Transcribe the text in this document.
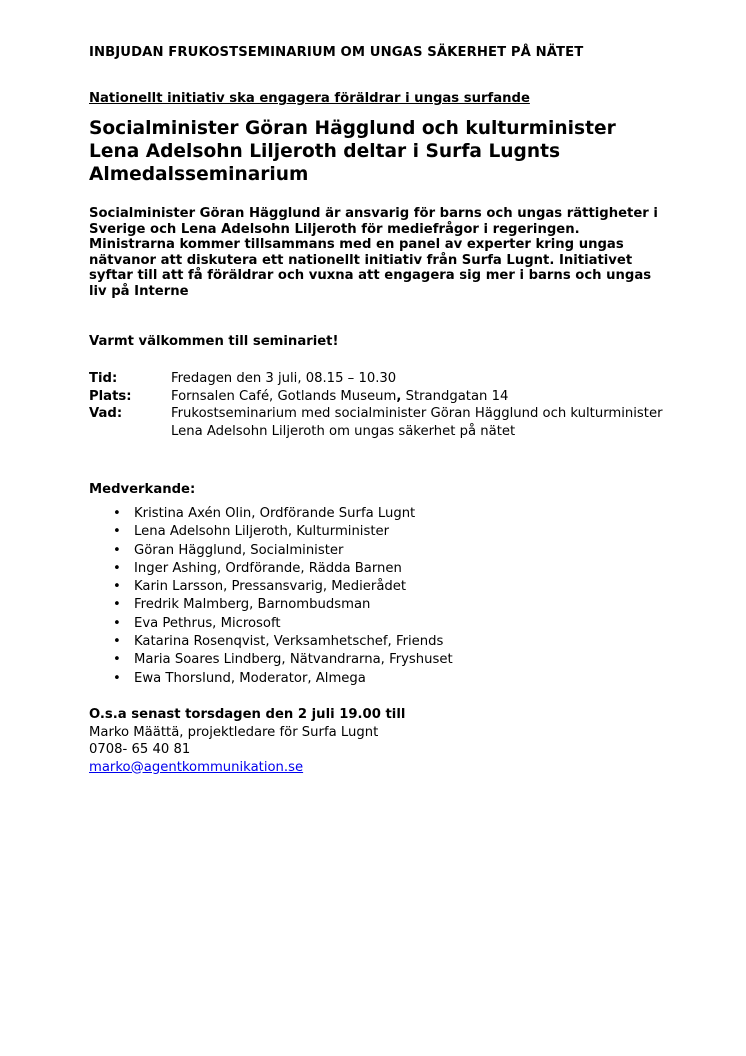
INBJUDAN FRUKOSTSEMINARIUM OM UNGAS SÄKERHET PÅ NÄTET
Nationellt initiativ ska engagera föräldrar i ungas surfande
Socialminister Göran Hägglund och kulturminister Lena Adelsohn Liljeroth deltar i Surfa Lugnts Almedalsseminarium
Socialminister Göran Hägglund är ansvarig för barns och ungas rättigheter i Sverige och Lena Adelsohn Liljeroth för mediefrågor i regeringen. Ministrarna kommer tillsammans med en panel av experter kring ungas nätvanor att diskutera ett nationellt initiativ från Surfa Lugnt. Initiativet syftar till att få föräldrar och vuxna att engagera sig mer i barns och ungas liv på Interne
Varmt välkommen till seminariet!
Tid:	Fredagen den 3 juli, 08.15 – 10.30
Plats:	Fornsalen Café, Gotlands Museum, Strandgatan 14
Vad:	Frukostseminarium med socialminister Göran Hägglund och kulturminister Lena Adelsohn Liljeroth om ungas säkerhet på nätet
Medverkande:
• Kristina Axén Olin, Ordförande Surfa Lugnt
• Lena Adelsohn Liljeroth, Kulturminister
• Göran Hägglund, Socialminister
• Inger Ashing, Ordförande, Rädda Barnen
• Karin Larsson, Pressansvarig, Medierådet
• Fredrik Malmberg, Barnombudsman
• Eva Pethrus, Microsoft
• Katarina Rosenqvist, Verksamhetschef, Friends
• Maria Soares Lindberg, Nätvandrarna, Fryshuset
• Ewa Thorslund, Moderator, Almega
O.s.a senast torsdagen den 2 juli 19.00 till
Marko Määttä, projektledare för Surfa Lugnt
0708- 65 40 81
marko@agentkommunikation.se
